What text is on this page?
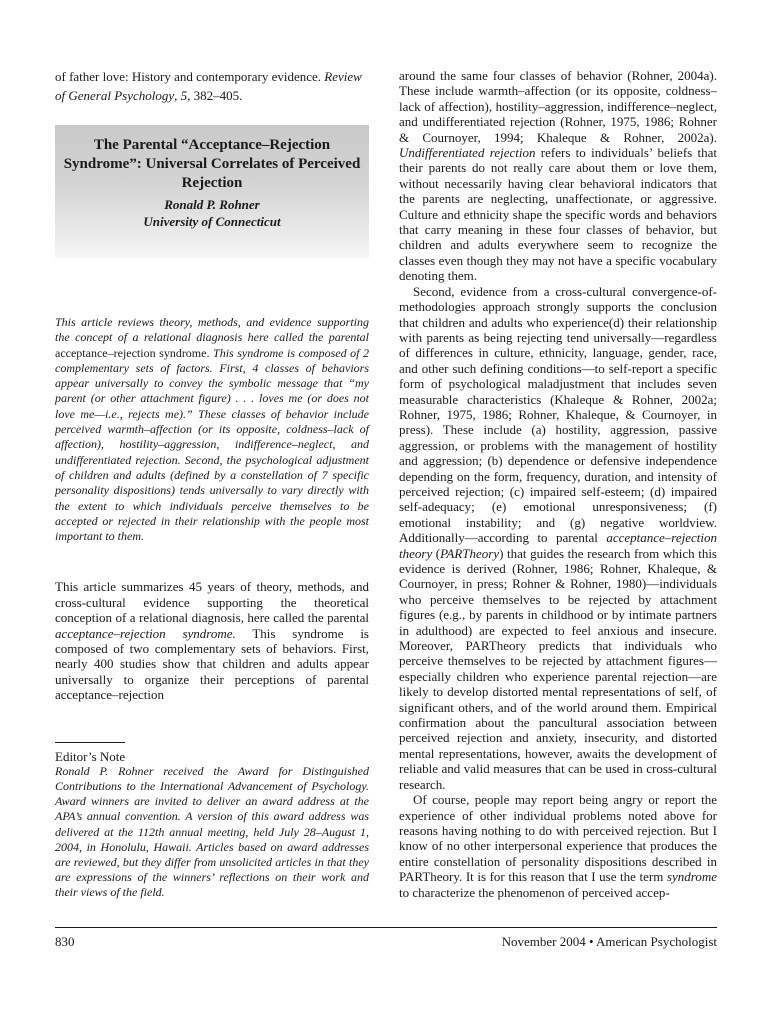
of father love: History and contemporary evidence. Review of General Psychology, 5, 382–405.

The Parental “Acceptance–Rejection Syndrome”: Universal Correlates of Perceived Rejection
Ronald P. Rohner
University of Connecticut
This article reviews theory, methods, and evidence supporting the concept of a relational diagnosis here called the parental acceptance–rejection syndrome. This syndrome is composed of 2 complementary sets of factors. First, 4 classes of behaviors appear universally to convey the symbolic message that “my parent (or other attachment figure) . . . loves me (or does not love me—i.e., rejects me).” These classes of behavior include perceived warmth–affection (or its opposite, coldness–lack of affection), hostility–aggression, indifference–neglect, and undifferentiated rejection. Second, the psychological adjustment of children and adults (defined by a constellation of 7 specific personality dispositions) tends universally to vary directly with the extent to which individuals perceive themselves to be accepted or rejected in their relationship with the people most important to them.

This article summarizes 45 years of theory, methods, and cross-cultural evidence supporting the theoretical conception of a relational diagnosis, here called the parental acceptance–rejection syndrome. This syndrome is composed of two complementary sets of behaviors. First, nearly 400 studies show that children and adults appear universally to organize their perceptions of parental acceptance–rejection

Editor’s Note
Ronald P. Rohner received the Award for Distinguished Contributions to the International Advancement of Psychology. Award winners are invited to deliver an award address at the APA’s annual convention. A version of this award address was delivered at the 112th annual meeting, held July 28–August 1, 2004, in Honolulu, Hawaii. Articles based on award addresses are reviewed, but they differ from unsolicited articles in that they are expressions of the winners’ reflections on their work and their views of the field.

around the same four classes of behavior (Rohner, 2004a). These include warmth–affection (or its opposite, coldness–lack of affection), hostility–aggression, indifference–neglect, and undifferentiated rejection (Rohner, 1975, 1986; Rohner & Cournoyer, 1994; Khaleque & Rohner, 2002a). Undifferentiated rejection refers to individuals’ beliefs that their parents do not really care about them or love them, without necessarily having clear behavioral indicators that the parents are neglecting, unaffectionate, or aggressive. Culture and ethnicity shape the specific words and behaviors that carry meaning in these four classes of behavior, but children and adults everywhere seem to recognize the classes even though they may not have a specific vocabulary denoting them.

Second, evidence from a cross-cultural convergence-of-methodologies approach strongly supports the conclusion that children and adults who experience(d) their relationship with parents as being rejecting tend universally—regardless of differences in culture, ethnicity, language, gender, race, and other such defining conditions—to self-report a specific form of psychological maladjustment that includes seven measurable characteristics (Khaleque & Rohner, 2002a; Rohner, 1975, 1986; Rohner, Khaleque, & Cournoyer, in press). These include (a) hostility, aggression, passive aggression, or problems with the management of hostility and aggression; (b) dependence or defensive independence depending on the form, frequency, duration, and intensity of perceived rejection; (c) impaired self-esteem; (d) impaired self-adequacy; (e) emotional unresponsiveness; (f) emotional instability; and (g) negative worldview. Additionally—according to parental acceptance–rejection theory (PARTheory) that guides the research from which this evidence is derived (Rohner, 1986; Rohner, Khaleque, & Cournoyer, in press; Rohner & Rohner, 1980)—individuals who perceive themselves to be rejected by attachment figures (e.g., by parents in childhood or by intimate partners in adulthood) are expected to feel anxious and insecure. Moreover, PARTheory predicts that individuals who perceive themselves to be rejected by attachment figures—especially children who experience parental rejection—are likely to develop distorted mental representations of self, of significant others, and of the world around them. Empirical confirmation about the pancultural association between perceived rejection and anxiety, insecurity, and distorted mental representations, however, awaits the development of reliable and valid measures that can be used in cross-cultural research.

Of course, people may report being angry or report the experience of other individual problems noted above for reasons having nothing to do with perceived rejection. But I know of no other interpersonal experience that produces the entire constellation of personality dispositions described in PARTheory. It is for this reason that I use the term syndrome to characterize the phenomenon of perceived accep-

830	November 2004 • American Psychologist
